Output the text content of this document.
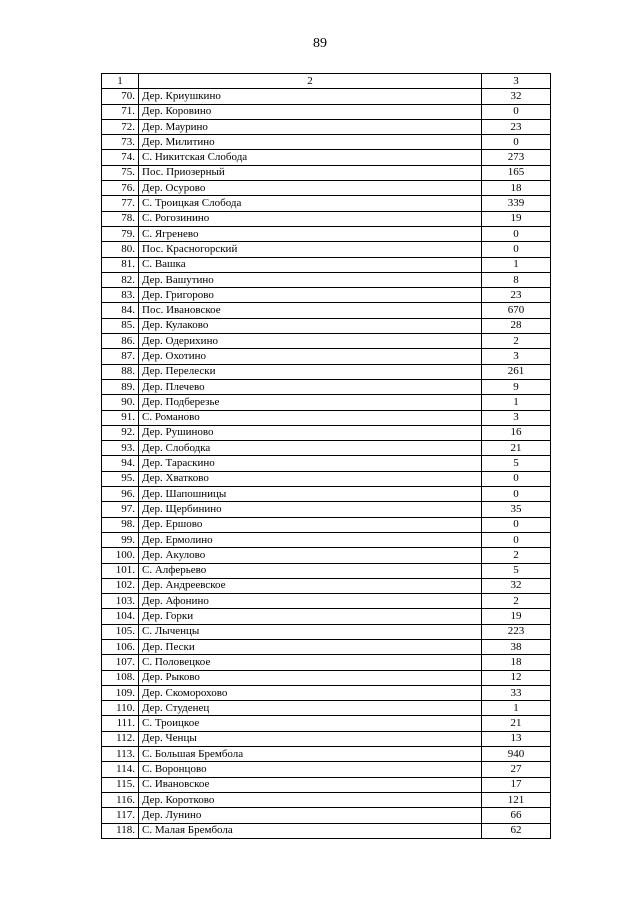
89
1	2	3
70.	Дер. Криушкино	32
71.	Дер. Коровино	0
72.	Дер. Маурино	23
73.	Дер. Милитино	0
74.	С. Никитская Слобода	273
75.	Пос. Приозерный	165
76.	Дер. Осурово	18
77.	С. Троицкая Слобода	339
78.	С. Рогозинино	19
79.	С. Ягренево	0
80.	Пос. Красногорский	0
81.	С. Вашка	1
82.	Дер. Вашутино	8
83.	Дер. Григорово	23
84.	Пос. Ивановское	670
85.	Дер. Кулаково	28
86.	Дер. Одерихино	2
87.	Дер. Охотино	3
88.	Дер. Перелески	261
89.	Дер. Плечево	9
90.	Дер. Подберезье	1
91.	С. Романово	3
92.	Дер. Рушиново	16
93.	Дер. Слободка	21
94.	Дер. Тараскино	5
95.	Дер. Хватково	0
96.	Дер. Шапошницы	0
97.	Дер. Щербинино	35
98.	Дер. Ершово	0
99.	Дер. Ермолино	0
100.	Дер. Акулово	2
101.	С. Алферьево	5
102.	Дер. Андреевское	32
103.	Дер. Афонино	2
104.	Дер. Горки	19
105.	С. Лыченцы	223
106.	Дер. Пески	38
107.	С. Половецкое	18
108.	Дер. Рыково	12
109.	Дер. Скоморохово	33
110.	Дер. Студенец	1
111.	С. Троицкое	21
112.	Дер. Ченцы	13
113.	С. Большая Брембола	940
114.	С. Воронцово	27
115.	С. Ивановское	17
116.	Дер. Коротково	121
117.	Дер. Лунино	66
118.	С. Малая Брембола	62
